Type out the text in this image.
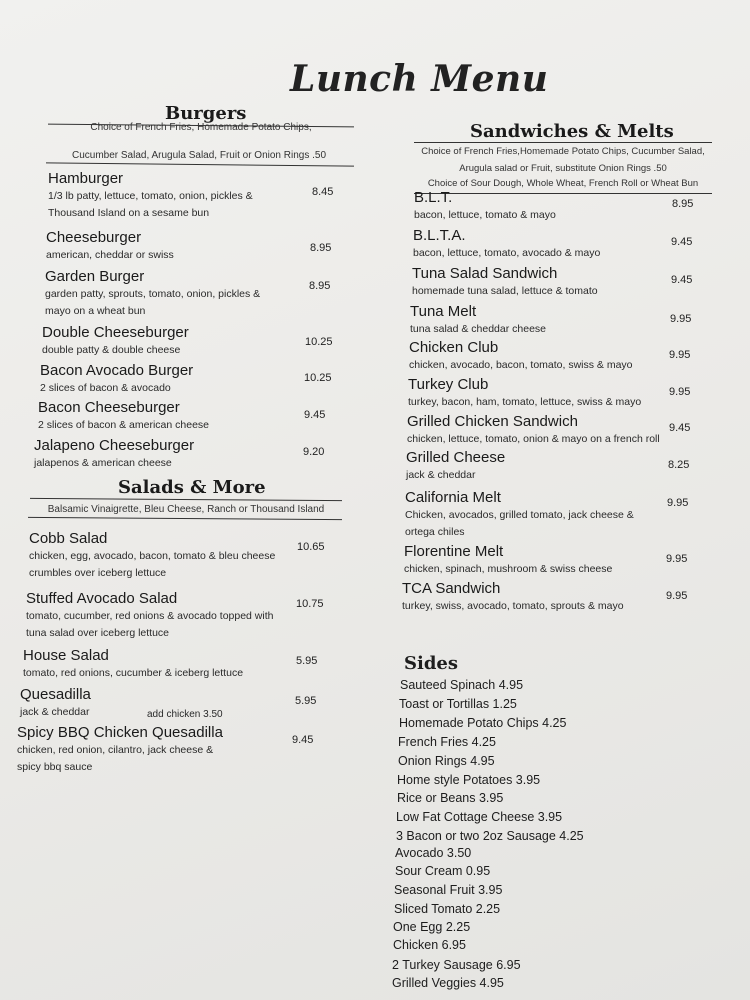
Lunch Menu
Burgers
Choice of French Fries, Homemade Potato Chips,
Cucumber Salad, Arugula Salad, Fruit or Onion Rings .50
Hamburger
1/3 lb patty, lettuce, tomato, onion, pickles & Thousand Island on a sesame bun
8.45
Cheeseburger
american, cheddar or swiss
8.95
Garden Burger
garden patty, sprouts, tomato, onion, pickles & mayo on a wheat bun
8.95
Double Cheeseburger
double patty & double cheese
10.25
Bacon Avocado Burger
2 slices of bacon & avocado
10.25
Bacon Cheeseburger
2 slices of bacon & american cheese
9.45
Jalapeno Cheeseburger
jalapenos & american cheese
9.20
Salads & More
Balsamic Vinaigrette, Bleu Cheese, Ranch or Thousand Island
Cobb Salad
chicken, egg, avocado, bacon, tomato & bleu cheese crumbles over iceberg lettuce
10.65
Stuffed Avocado Salad
tomato, cucumber, red onions & avocado topped with tuna salad over iceberg lettuce
10.75
House Salad
tomato, red onions, cucumber & iceberg lettuce
5.95
Quesadilla
jack & cheddar	add chicken 3.50
5.95
Spicy BBQ Chicken Quesadilla
chicken, red onion, cilantro, jack cheese & spicy bbq sauce
9.45
Sandwiches & Melts
Choice of French Fries,Homemade Potato Chips, Cucumber Salad,
Arugula salad or Fruit, substitute Onion Rings .50
Choice of Sour Dough, Whole Wheat, French Roll or Wheat Bun
B.L.T.
bacon, lettuce, tomato & mayo
8.95
B.L.T.A.
bacon, lettuce, tomato, avocado & mayo
9.45
Tuna Salad Sandwich
homemade tuna salad, lettuce & tomato
9.45
Tuna Melt
tuna salad & cheddar cheese
9.95
Chicken Club
chicken, avocado, bacon, tomato, swiss & mayo
9.95
Turkey Club
turkey, bacon, ham, tomato, lettuce, swiss & mayo
9.95
Grilled Chicken Sandwich
chicken, lettuce, tomato, onion & mayo on a french roll
9.45
Grilled Cheese
jack & cheddar
8.25
California Melt
Chicken, avocados, grilled tomato, jack cheese & ortega chiles
9.95
Florentine Melt
chicken, spinach, mushroom & swiss cheese
9.95
TCA Sandwich
turkey, swiss, avocado, tomato, sprouts & mayo
9.95
Sides
Sauteed Spinach 4.95
Toast or Tortillas 1.25
Homemade Potato Chips 4.25
French Fries 4.25
Onion Rings 4.95
Home style Potatoes 3.95
Rice or Beans 3.95
Low Fat Cottage Cheese 3.95
3 Bacon or two 2oz Sausage 4.25
Avocado 3.50
Sour Cream 0.95
Seasonal Fruit 3.95
Sliced Tomato 2.25
One Egg 2.25
Chicken 6.95
2 Turkey Sausage 6.95
Grilled Veggies 4.95
